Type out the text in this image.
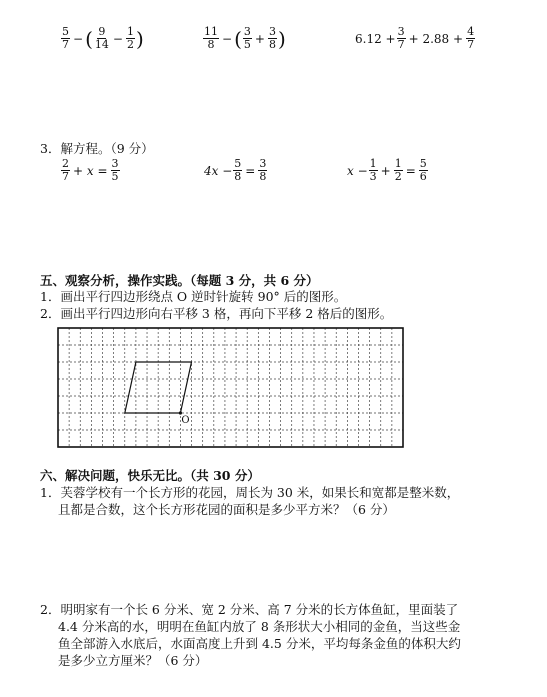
$\frac{5}{7}$ − ( $\frac{9}{14} - \frac{1}{2}$ )	$\frac{11}{8}$ − ( $\frac{3}{5} + \frac{3}{8}$ )	$6.12 + \frac{3}{7} + 2.88 + \frac{4}{7}$
3．解方程。（9 分）
$\frac{2}{7} + x = \frac{3}{5}$	$4x - \frac{5}{8} = \frac{3}{8}$	$x - \frac{1}{3} + \frac{1}{2} = \frac{5}{6}$
五、观察分析，操作实践。（每题 3 分，共 6 分）
1．画出平行四边形绕点 O 逆时针旋转 90° 后的图形。
2．画出平行四边形向右平移 3 格，再向下平移 2 格后的图形。
O
六、解决问题，快乐无比。（共 30 分）
1．芙蓉学校有一个长方形的花园，周长为 30 米，如果长和宽都是整米数，
且都是合数，这个长方形花园的面积是多少平方米？（6 分）
2．明明家有一个长 6 分米、宽 2 分米、高 7 分米的长方体鱼缸，里面装了
4.4 分米高的水，明明在鱼缸内放了 8 条形状大小相同的金鱼，当这些金
鱼全部游入水底后，水面高度上升到 4.5 分米，平均每条金鱼的体积大约
是多少立方厘米？（6 分）
